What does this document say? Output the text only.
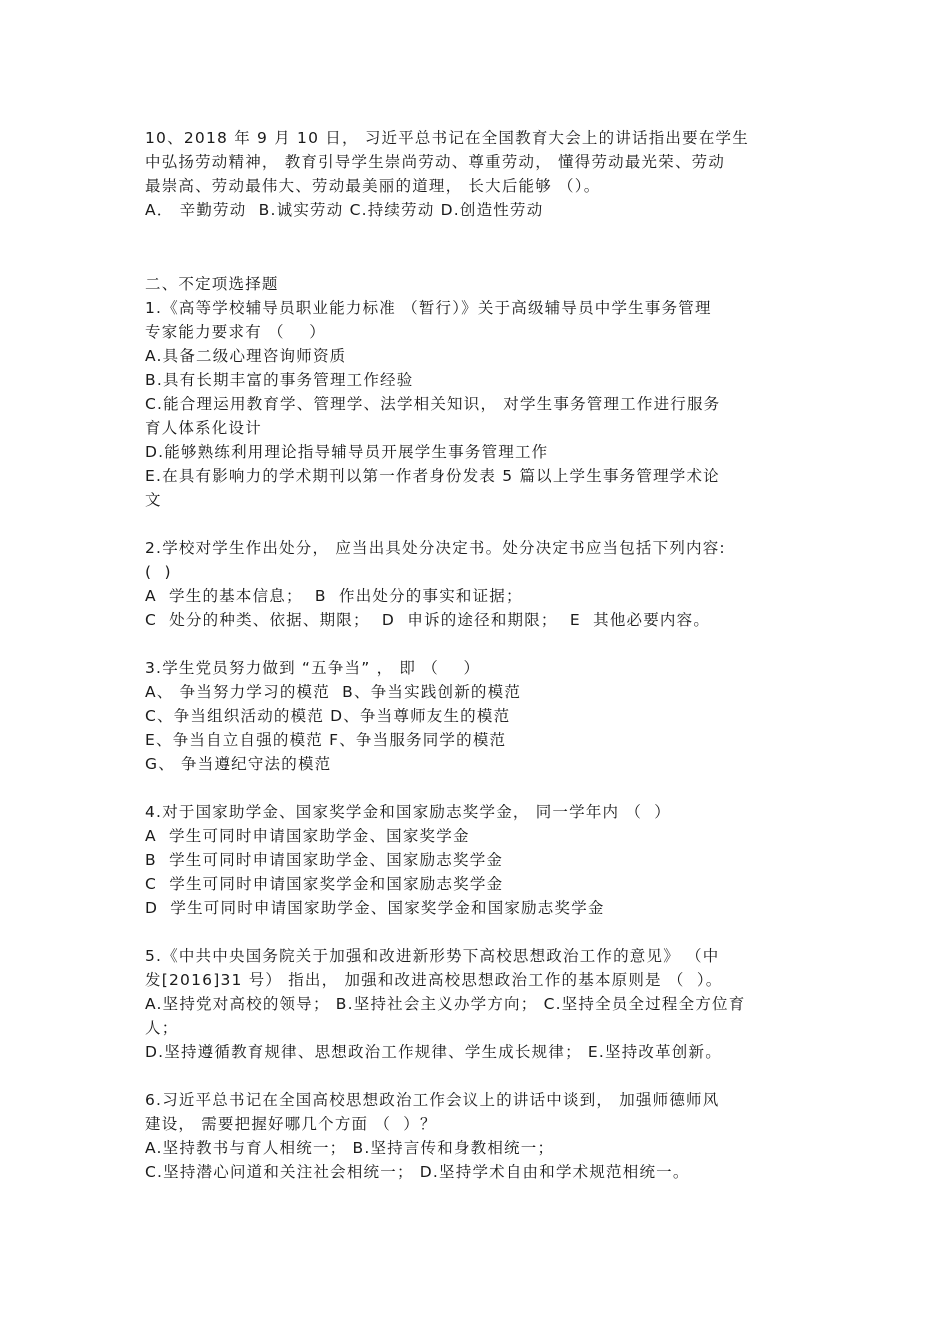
10、2018 年 9 月 10 日， 习近平总书记在全国教育大会上的讲话指出要在学生
中弘扬劳动精神， 教育引导学生崇尚劳动、尊重劳动， 懂得劳动最光荣、劳动
最崇高、劳动最伟大、劳动最美丽的道理， 长大后能够 （）。
A． 辛勤劳动  B.诚实劳动 C.持续劳动 D.创造性劳动
二、不定项选择题
1.《高等学校辅导员职业能力标准 （暂行）》关于高级辅导员中学生事务管理
专家能力要求有 （    ）
A.具备二级心理咨询师资质
B.具有长期丰富的事务管理工作经验
C.能合理运用教育学、管理学、法学相关知识， 对学生事务管理工作进行服务
育人体系化设计
D.能够熟练利用理论指导辅导员开展学生事务管理工作
E.在具有影响力的学术期刊以第一作者身份发表 5 篇以上学生事务管理学术论
文
2.学校对学生作出处分， 应当出具处分决定书。处分决定书应当包括下列内容:
(  )
A  学生的基本信息；  B  作出处分的事实和证据；
C  处分的种类、依据、期限；  D  申诉的途径和期限；  E  其他必要内容。
3.学生党员努力做到 “五争当” ， 即 （    ）
A、 争当努力学习的模范  B、争当实践创新的模范
C、争当组织活动的模范 D、争当尊师友生的模范
E、争当自立自强的模范 F、争当服务同学的模范
G、 争当遵纪守法的模范
4.对于国家助学金、国家奖学金和国家励志奖学金， 同一学年内 （  ）
A  学生可同时申请国家助学金、国家奖学金
B  学生可同时申请国家助学金、国家励志奖学金
C  学生可同时申请国家奖学金和国家励志奖学金
D  学生可同时申请国家助学金、国家奖学金和国家励志奖学金
5.《中共中央国务院关于加强和改进新形势下高校思想政治工作的意见》 （中
发[2016]31 号） 指出， 加强和改进高校思想政治工作的基本原则是 （  ）。
A.坚持党对高校的领导； B.坚持社会主义办学方向； C.坚持全员全过程全方位育
人；
D.坚持遵循教育规律、思想政治工作规律、学生成长规律； E.坚持改革创新。
6.习近平总书记在全国高校思想政治工作会议上的讲话中谈到， 加强师德师风
建设， 需要把握好哪几个方面 （  ）？
A.坚持教书与育人相统一； B.坚持言传和身教相统一；
C.坚持潜心问道和关注社会相统一； D.坚持学术自由和学术规范相统一。
